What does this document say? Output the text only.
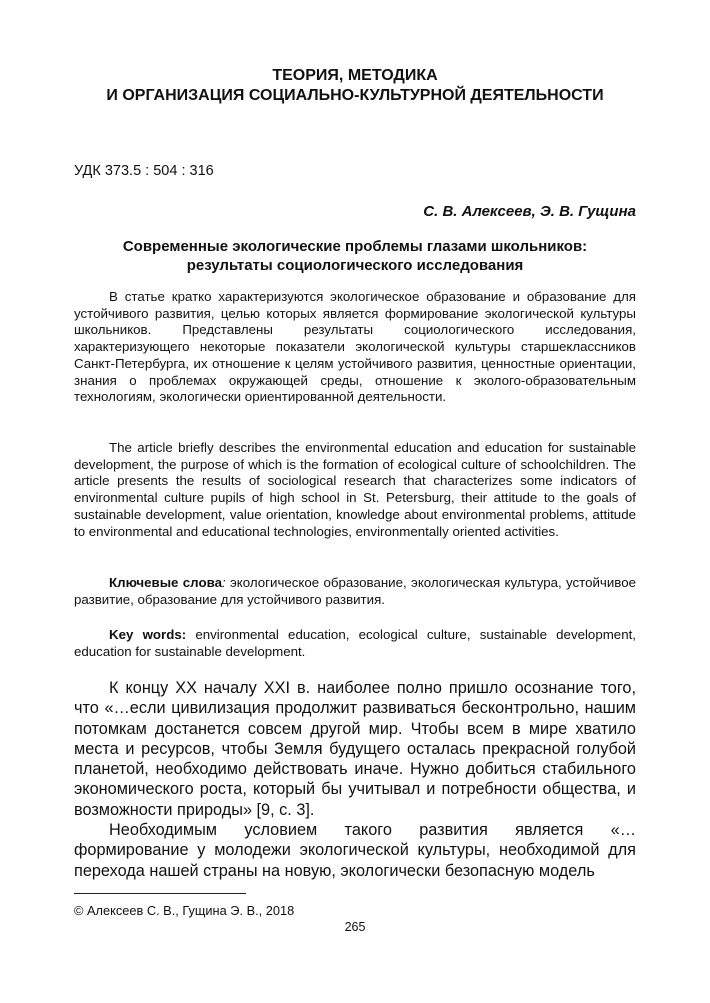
ТЕОРИЯ, МЕТОДИКА
И ОРГАНИЗАЦИЯ СОЦИАЛЬНО-КУЛЬТУРНОЙ ДЕЯТЕЛЬНОСТИ
УДК 373.5 : 504 : 316
С. В. Алексеев, Э. В. Гущина
Современные экологические проблемы глазами школьников:
результаты социологического исследования

В статье кратко характеризуются экологическое образование и образование для устойчивого развития, целью которых является формирование экологической культуры школьников. Представлены результаты социологического исследования, характеризующего некоторые показатели экологической культуры старшеклассников Санкт-Петербурга, их отношение к целям устойчивого развития, ценностные ориентации, знания о проблемах окружающей среды, отношение к эколого-образовательным технологиям, экологически ориентированной деятельности.

The article briefly describes the environmental education and education for sustainable development, the purpose of which is the formation of ecological culture of schoolchildren. The article presents the results of sociological research that characterizes some indicators of environmental culture pupils of high school in St. Petersburg, their attitude to the goals of sustainable development, value orientation, knowledge about environmental problems, attitude to environmental and educational technologies, environmentally oriented activities.

Ключевые слова: экологическое образование, экологическая культура, устойчивое развитие, образование для устойчивого развития.

Key words: environmental education, ecological culture, sustainable development, education for sustainable development.

К концу XX началу XXI в. наиболее полно пришло осознание того, что «…если цивилизация продолжит развиваться бесконтрольно, нашим потомкам достанется совсем другой мир. Чтобы всем в мире хватило места и ресурсов, чтобы Земля будущего осталась прекрасной голубой планетой, необходимо действовать иначе. Нужно добиться стабильного экономического роста, который бы учитывал и потребности общества, и возможности природы» [9, с. 3].

Необходимым условием такого развития является «…формирование у молодежи экологической культуры, необходимой для перехода нашей страны на новую, экологически безопасную модель

© Алексеев С. В., Гущина Э. В., 2018
265
